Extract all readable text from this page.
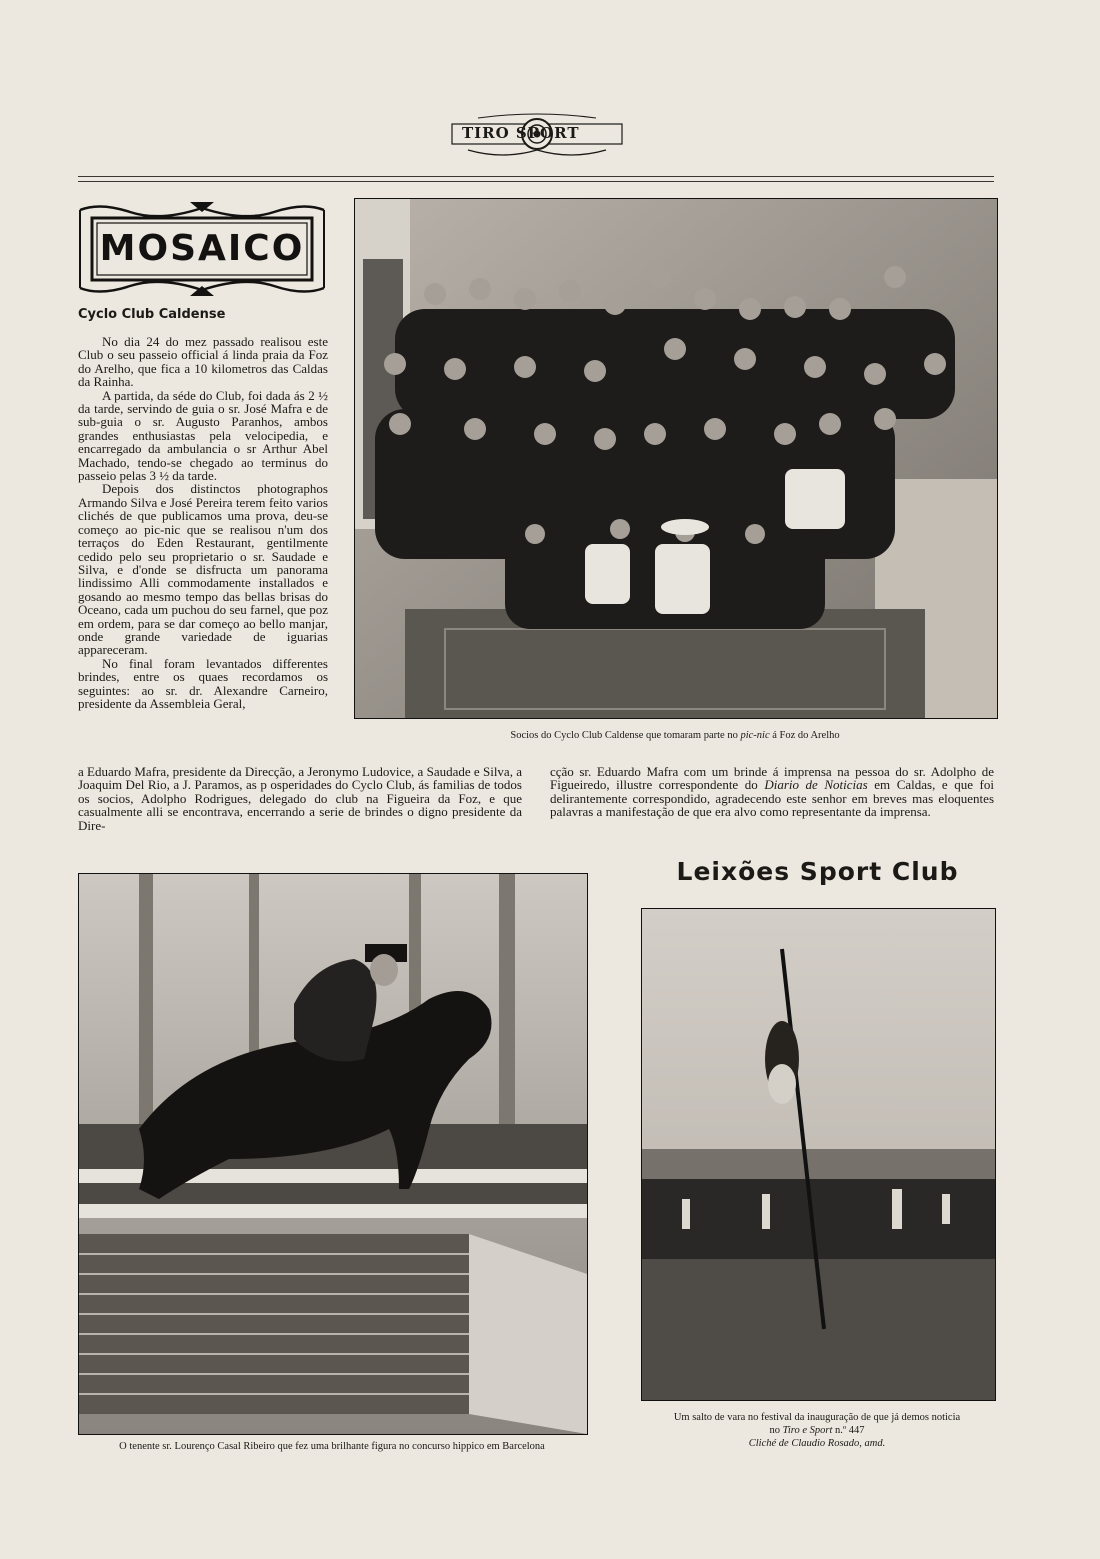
TIRO SPORT
MOSAICO
Cyclo Club Caldense

No dia 24 do mez passado realisou este Club o seu passeio official á linda praia da Foz do Arelho, que fica a 10 kilometros das Caldas da Rainha.

A partida, da séde do Club, foi dada ás 2 ½ da tarde, servindo de guia o sr. José Mafra e de sub-guia o sr. Augusto Paranhos, ambos grandes enthusiastas pela velocipedia, e encarregado da ambulancia o sr Arthur Abel Machado, tendo-se chegado ao terminus do passeio pelas 3 ½ da tarde.

Depois dos distinctos photographos Armando Silva e José Pereira terem feito varios clichés de que publicamos uma prova, deu-se começo ao pic-nic que se realisou n'um dos terraços do Eden Restaurant, gentilmente cedido pelo seu proprietario o sr. Saudade e Silva, e d'onde se disfructa um panorama lindissimo Alli commodamente installados e gosando ao mesmo tempo das bellas brisas do Oceano, cada um puchou do seu farnel, que poz em ordem, para se dar começo ao bello manjar, onde grande variedade de iguarias appareceram.

No final foram levantados differentes brindes, entre os quaes recordamos os seguintes: ao sr. dr. Alexandre Carneiro, presidente da Assembleia Geral,

Socios do Cyclo Club Caldense que tomaram parte no pic-nic á Foz do Arelho

a Eduardo Mafra, presidente da Direcção, a Jeronymo Ludovice, a Saudade e Silva, a Joaquim Del Rio, a J. Paramos, as p osperidades do Cyclo Club, ás familias de todos os socios, Adolpho Rodrigues, delegado do club na Figueira da Foz, e que casualmente alli se encontrava, encerrando a serie de brindes o digno presidente da Dire-

cção sr. Eduardo Mafra com um brinde á imprensa na pessoa do sr. Adolpho de Figueiredo, illustre correspondente do Diario de Noticias em Caldas, e que foi delirantemente correspondido, agradecendo este senhor em breves mas eloquentes palavras a manifestação de que era alvo como representante da imprensa.

Leixões Sport Club
O tenente sr. Lourenço Casal Ribeiro que fez uma brilhante figura no concurso hippico em Barcelona
Um salto de vara no festival da inauguração de que já demos noticia
no Tiro e Sport n.º 447
Cliché de Claudio Rosado, amd.
